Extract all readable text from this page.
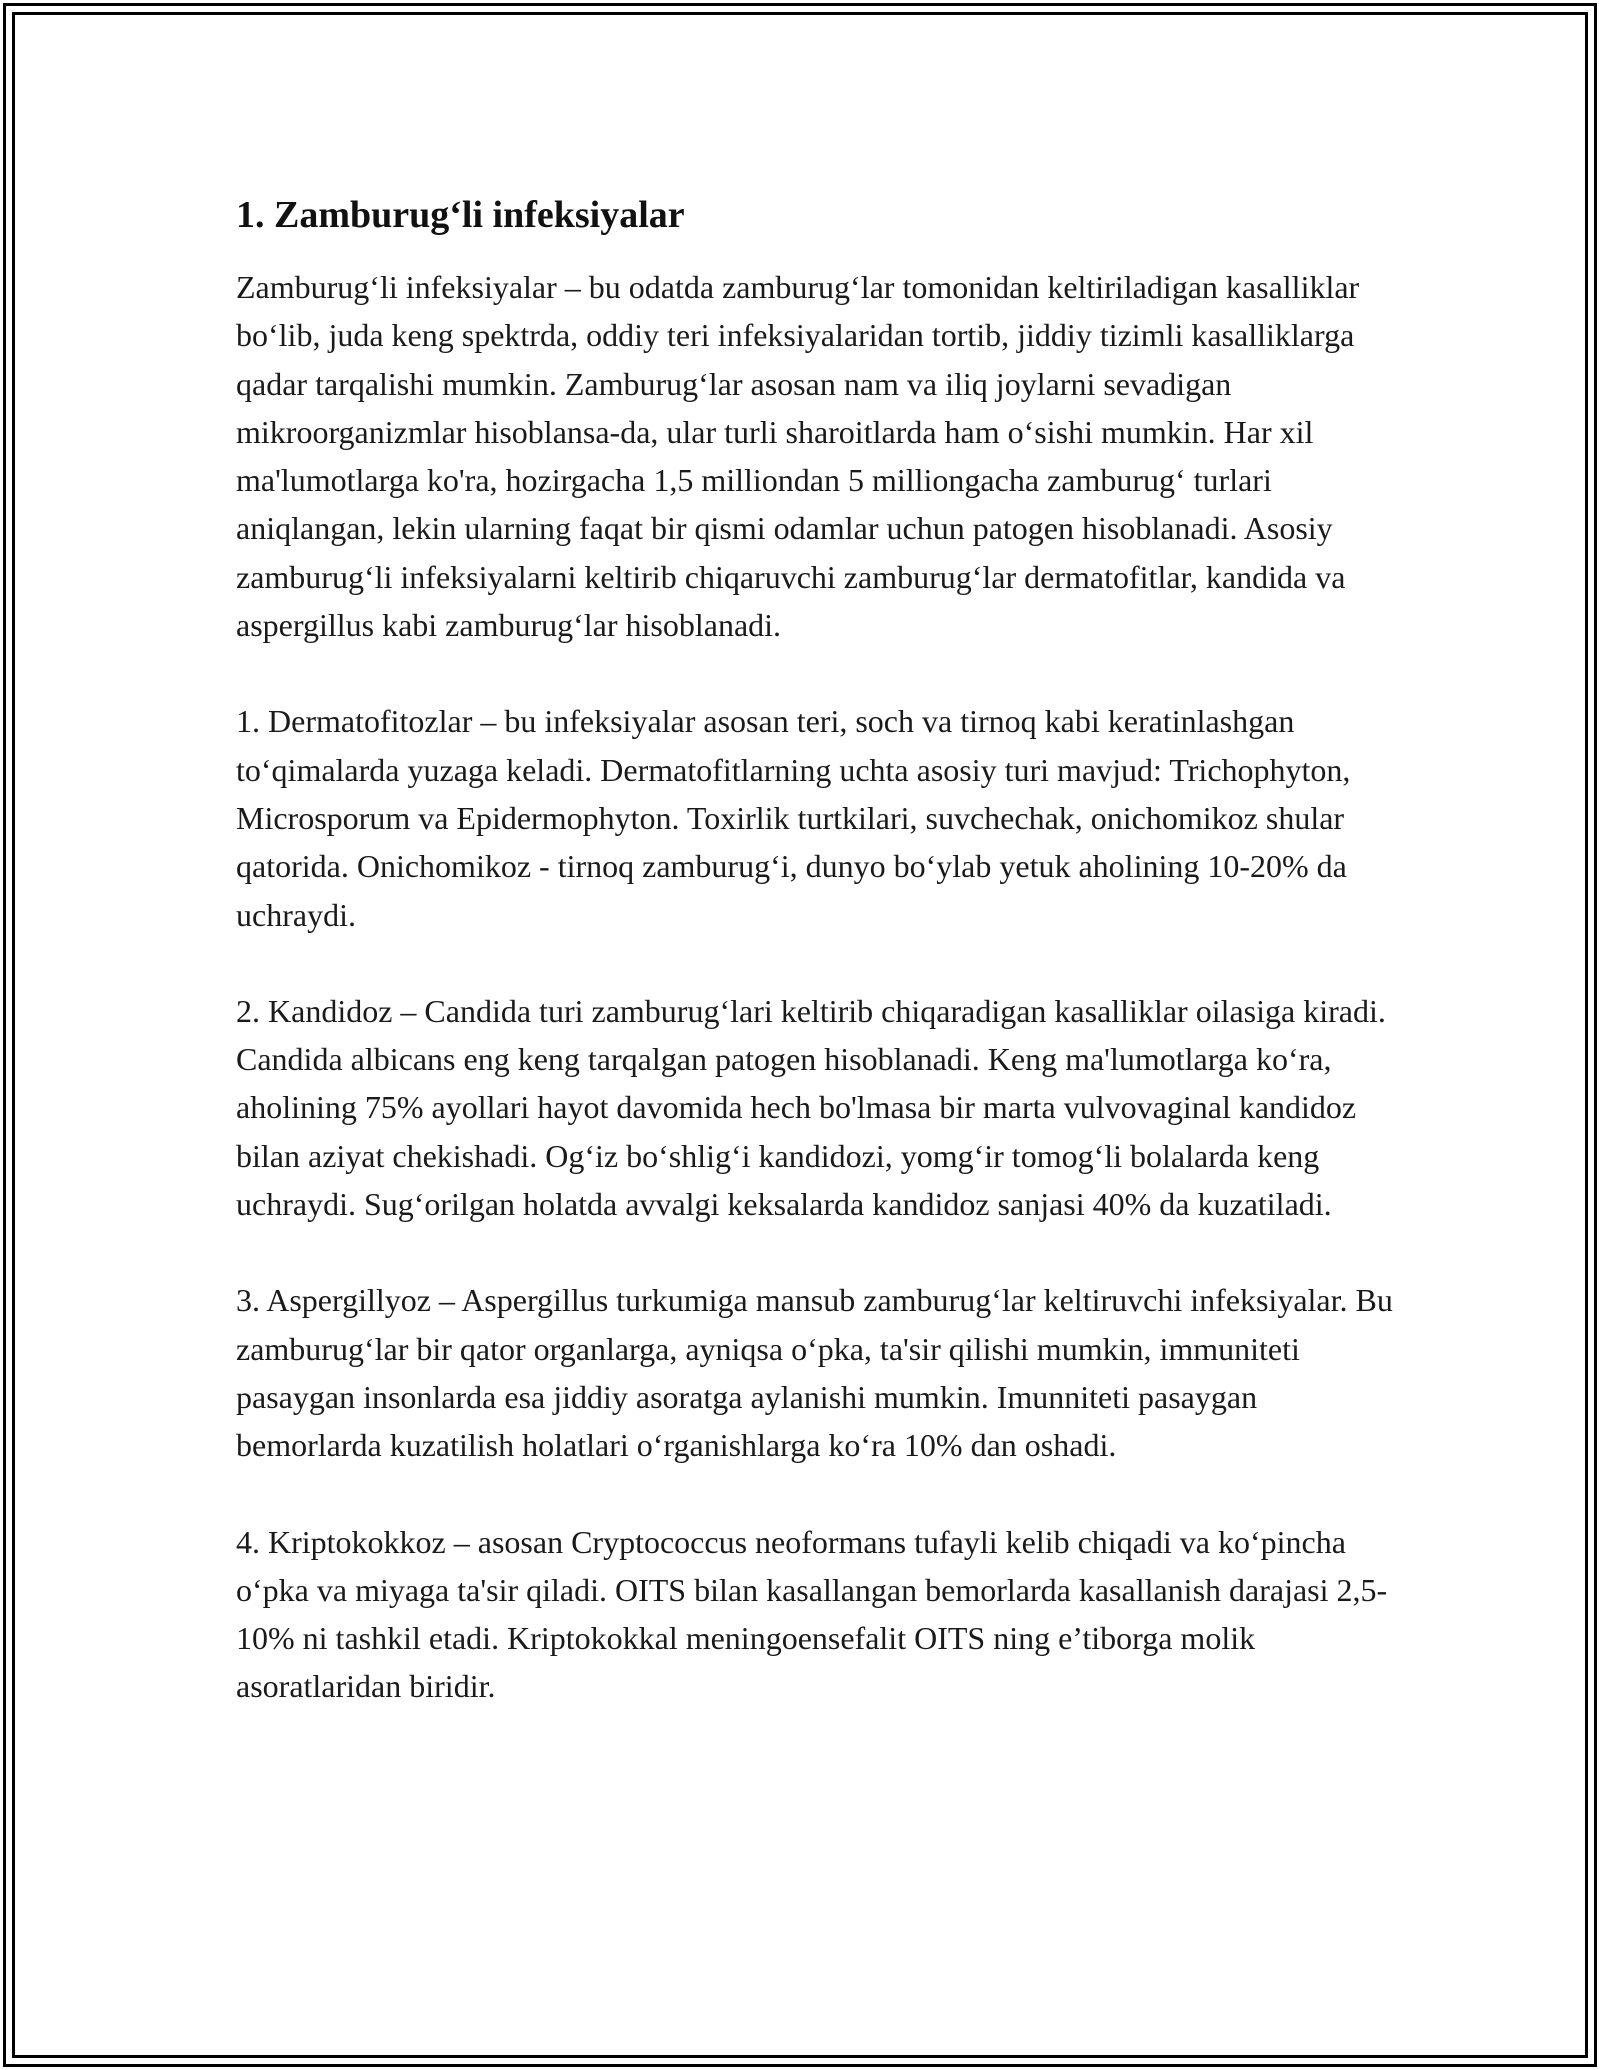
1. Zamburug‘li infeksiyalar

Zamburug‘li infeksiyalar – bu odatda zamburug‘lar tomonidan keltiriladigan kasalliklar bo‘lib, juda keng spektrda, oddiy teri infeksiyalaridan tortib, jiddiy tizimli kasalliklarga qadar tarqalishi mumkin. Zamburug‘lar asosan nam va iliq joylarni sevadigan mikroorganizmlar hisoblansa-da, ular turli sharoitlarda ham o‘sishi mumkin. Har xil ma'lumotlarga ko'ra, hozirgacha 1,5 milliondan 5 milliongacha zamburug‘ turlari aniqlangan, lekin ularning faqat bir qismi odamlar uchun patogen hisoblanadi. Asosiy zamburug‘li infeksiyalarni keltirib chiqaruvchi zamburug‘lar dermatofitlar, kandida va aspergillus kabi zamburug‘lar hisoblanadi.

1. Dermatofitozlar – bu infeksiyalar asosan teri, soch va tirnoq kabi keratinlashgan to‘qimalarda yuzaga keladi. Dermatofitlarning uchta asosiy turi mavjud: Trichophyton, Microsporum va Epidermophyton. Toxirlik turtkilari, suvchechak, onichomikoz shular qatorida. Onichomikoz - tirnoq zamburug‘i, dunyo bo‘ylab yetuk aholining 10-20% da uchraydi.

2. Kandidoz – Candida turi zamburug‘lari keltirib chiqaradigan kasalliklar oilasiga kiradi. Candida albicans eng keng tarqalgan patogen hisoblanadi. Keng ma'lumotlarga ko‘ra, aholining 75% ayollari hayot davomida hech bo'lmasa bir marta vulvovaginal kandidoz bilan aziyat chekishadi. Og‘iz bo‘shlig‘i kandidozi, yomg‘ir tomog‘li bolalarda keng uchraydi. Sug‘orilgan holatda avvalgi keksalarda kandidoz sanjasi 40% da kuzatiladi.

3. Aspergillyoz – Aspergillus turkumiga mansub zamburug‘lar keltiruvchi infeksiyalar. Bu zamburug‘lar bir qator organlarga, ayniqsa o‘pka, ta'sir qilishi mumkin, immuniteti pasaygan insonlarda esa jiddiy asoratga aylanishi mumkin. Imunniteti pasaygan bemorlarda kuzatilish holatlari o‘rganishlarga ko‘ra 10% dan oshadi.

4. Kriptokokkoz – asosan Cryptococcus neoformans tufayli kelib chiqadi va ko‘pincha o‘pka va miyaga ta'sir qiladi. OITS bilan kasallangan bemorlarda kasallanish darajasi 2,5-10% ni tashkil etadi. Kriptokokkal meningoensefalit OITS ning e’tiborga molik asoratlaridan biridir.
